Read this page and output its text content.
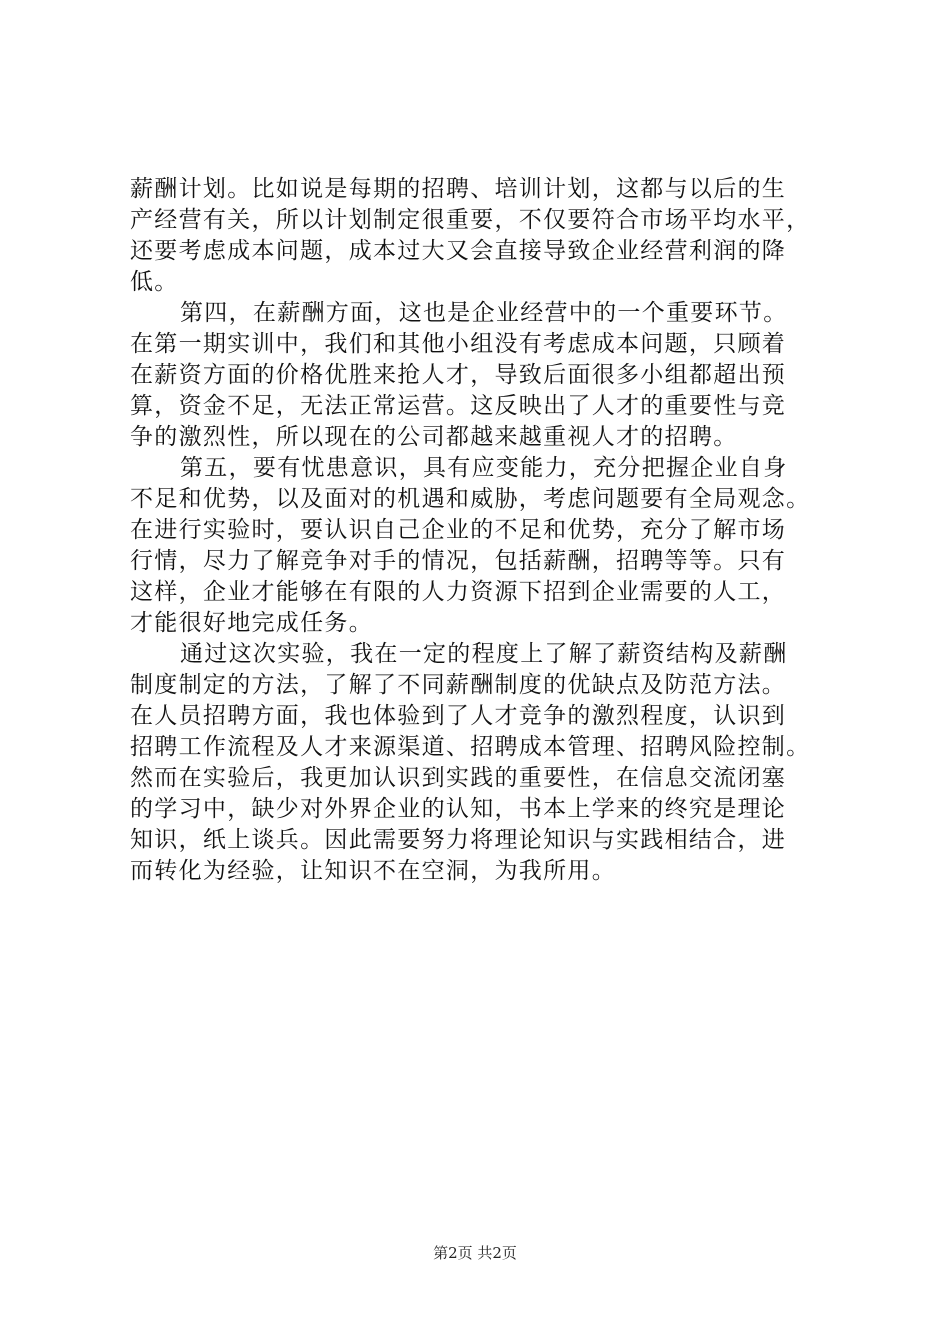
薪酬计划。比如说是每期的招聘、培训计划，这都与以后的生
产经营有关，所以计划制定很重要，不仅要符合市场平均水平，
还要考虑成本问题，成本过大又会直接导致企业经营利润的降
低。
第四，在薪酬方面，这也是企业经营中的一个重要环节。
在第一期实训中，我们和其他小组没有考虑成本问题，只顾着
在薪资方面的价格优胜来抢人才，导致后面很多小组都超出预
算，资金不足，无法正常运营。这反映出了人才的重要性与竞
争的激烈性，所以现在的公司都越来越重视人才的招聘。
第五，要有忧患意识，具有应变能力，充分把握企业自身
不足和优势，以及面对的机遇和威胁，考虑问题要有全局观念。
在进行实验时，要认识自己企业的不足和优势，充分了解市场
行情，尽力了解竞争对手的情况，包括薪酬，招聘等等。只有
这样，企业才能够在有限的人力资源下招到企业需要的人工，
才能很好地完成任务。
通过这次实验，我在一定的程度上了解了薪资结构及薪酬
制度制定的方法，了解了不同薪酬制度的优缺点及防范方法。
在人员招聘方面，我也体验到了人才竞争的激烈程度，认识到
招聘工作流程及人才来源渠道、招聘成本管理、招聘风险控制。
然而在实验后，我更加认识到实践的重要性，在信息交流闭塞
的学习中，缺少对外界企业的认知，书本上学来的终究是理论
知识，纸上谈兵。因此需要努力将理论知识与实践相结合，进
而转化为经验，让知识不在空洞，为我所用。
第2页 共2页
